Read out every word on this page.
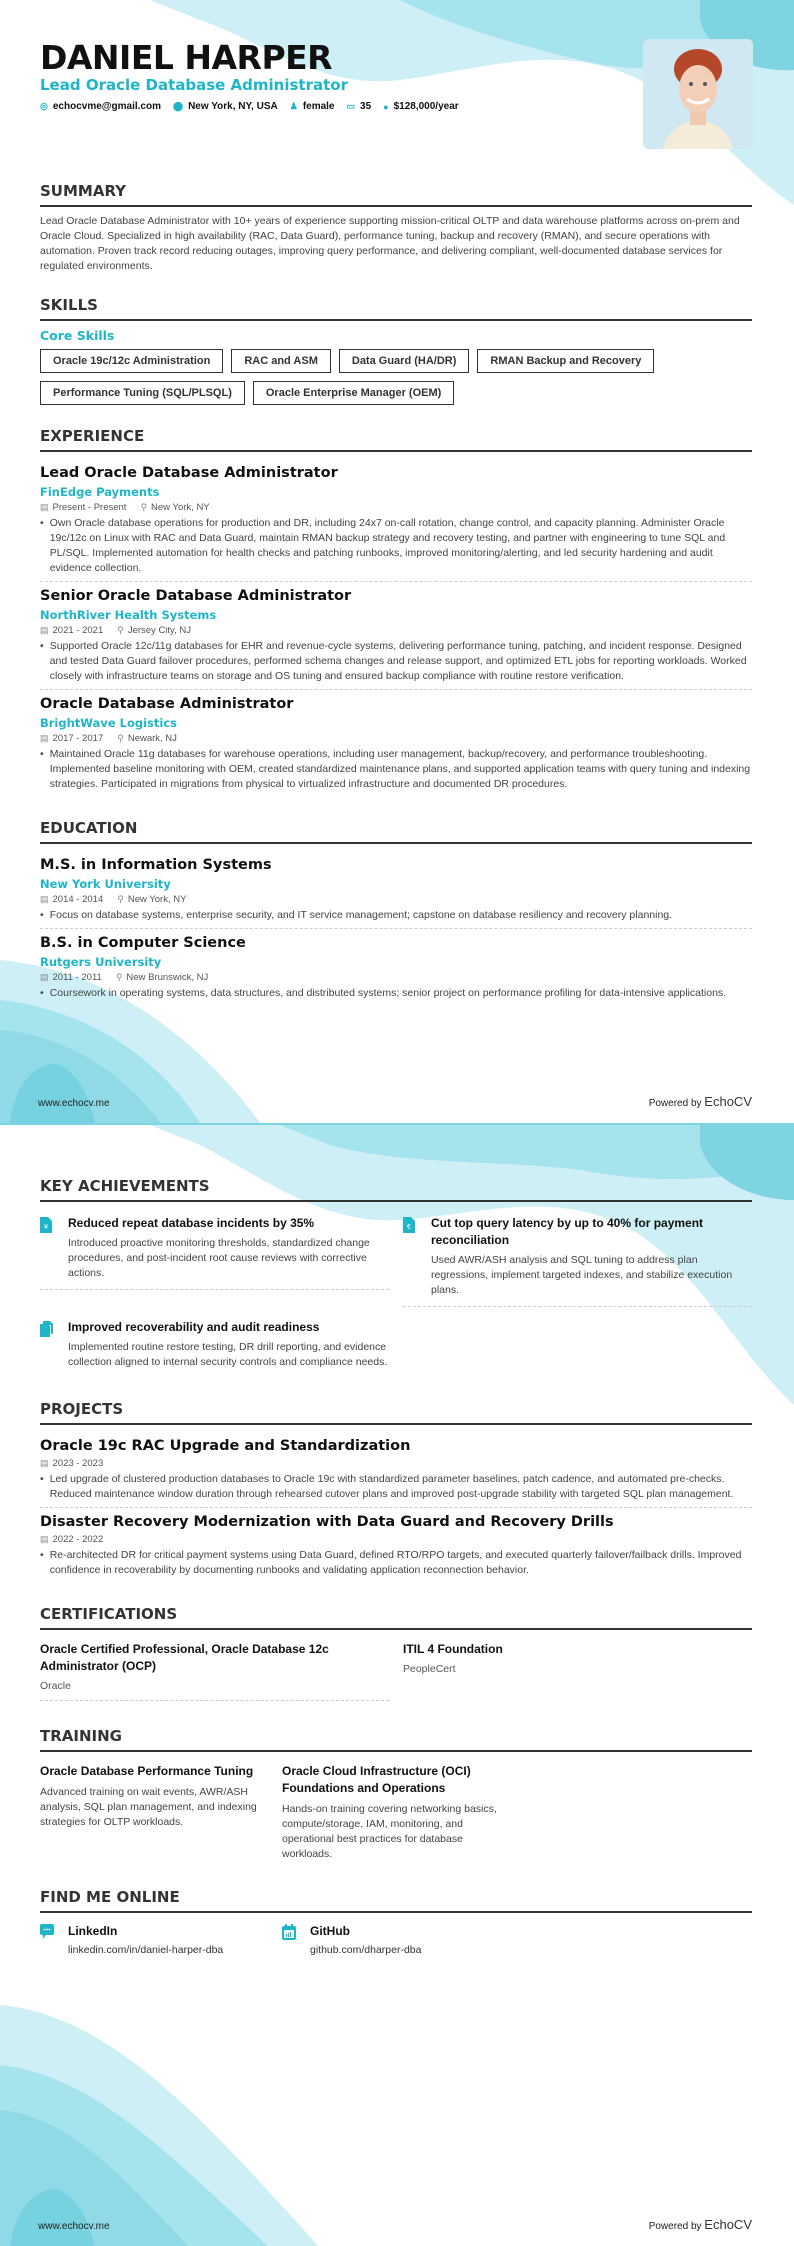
DANIEL HARPER
Lead Oracle Database Administrator
◎ echocvme@gmail.com ⬤ New York, NY, USA ♟ female ▭ 35 ● $128,000/year
SUMMARY

Lead Oracle Database Administrator with 10+ years of experience supporting mission-critical OLTP and data warehouse platforms across on-prem and Oracle Cloud. Specialized in high availability (RAC, Data Guard), performance tuning, backup and recovery (RMAN), and secure operations with automation. Proven track record reducing outages, improving query performance, and delivering compliant, well-documented database services for regulated environments.

SKILLS
Core Skills
Oracle 19c/12c Administration	RAC and ASM	Data Guard (HA/DR)	RMAN Backup and Recovery
Performance Tuning (SQL/PLSQL)	Oracle Enterprise Manager (OEM)
EXPERIENCE
Lead Oracle Database Administrator
FinEdge Payments
▤ Present - Present ⚲ New York, NY
• Own Oracle database operations for production and DR, including 24x7 on-call rotation, change control, and capacity planning. Administer Oracle 19c/12c on Linux with RAC and Data Guard, maintain RMAN backup strategy and recovery testing, and partner with engineering to tune SQL and PL/SQL. Implemented automation for health checks and patching runbooks, improved monitoring/alerting, and led security hardening and audit evidence collection.
Senior Oracle Database Administrator
NorthRiver Health Systems
▤ 2021 - 2021 ⚲ Jersey City, NJ
• Supported Oracle 12c/11g databases for EHR and revenue-cycle systems, delivering performance tuning, patching, and incident response. Designed and tested Data Guard failover procedures, performed schema changes and release support, and optimized ETL jobs for reporting workloads. Worked closely with infrastructure teams on storage and OS tuning and ensured backup compliance with routine restore verification.
Oracle Database Administrator
BrightWave Logistics
▤ 2017 - 2017 ⚲ Newark, NJ
• Maintained Oracle 11g databases for warehouse operations, including user management, backup/recovery, and performance troubleshooting. Implemented baseline monitoring with OEM, created standardized maintenance plans, and supported application teams with query tuning and indexing strategies. Participated in migrations from physical to virtualized infrastructure and documented DR procedures.
EDUCATION
M.S. in Information Systems
New York University
▤ 2014 - 2014 ⚲ New York, NY
• Focus on database systems, enterprise security, and IT service management; capstone on database resiliency and recovery planning.
B.S. in Computer Science
Rutgers University
▤ 2011 - 2011 ⚲ New Brunswick, NJ
• Coursework in operating systems, data structures, and distributed systems; senior project on performance profiling for data-intensive applications.
www.echocv.me	Powered by EchoCV
KEY ACHIEVEMENTS
¥ Reduced repeat database incidents by 35%
Introduced proactive monitoring thresholds, standardized change procedures, and post-incident root cause reviews with corrective actions.
€ Cut top query latency by up to 40% for payment reconciliation
Used AWR/ASH analysis and SQL tuning to address plan regressions, implement targeted indexes, and stabilize execution plans.
Improved recoverability and audit readiness
Implemented routine restore testing, DR drill reporting, and evidence collection aligned to internal security controls and compliance needs.
PROJECTS
Oracle 19c RAC Upgrade and Standardization
▤ 2023 - 2023
• Led upgrade of clustered production databases to Oracle 19c with standardized parameter baselines, patch cadence, and automated pre-checks. Reduced maintenance window duration through rehearsed cutover plans and improved post-upgrade stability with targeted SQL plan management.
Disaster Recovery Modernization with Data Guard and Recovery Drills
▤ 2022 - 2022
• Re-architected DR for critical payment systems using Data Guard, defined RTO/RPO targets, and executed quarterly failover/failback drills. Improved confidence in recoverability by documenting runbooks and validating application reconnection behavior.
CERTIFICATIONS
Oracle Certified Professional, Oracle Database 12c Administrator (OCP)
Oracle
ITIL 4 Foundation
PeopleCert
TRAINING
Oracle Database Performance Tuning
Advanced training on wait events, AWR/ASH analysis, SQL plan management, and indexing strategies for OLTP workloads.
Oracle Cloud Infrastructure (OCI) Foundations and Operations
Hands-on training covering networking basics, compute/storage, IAM, monitoring, and operational best practices for database workloads.
FIND ME ONLINE
LinkedIn
linkedin.com/in/daniel-harper-dba
GitHub
github.com/dharper-dba
www.echocv.me	Powered by EchoCV
